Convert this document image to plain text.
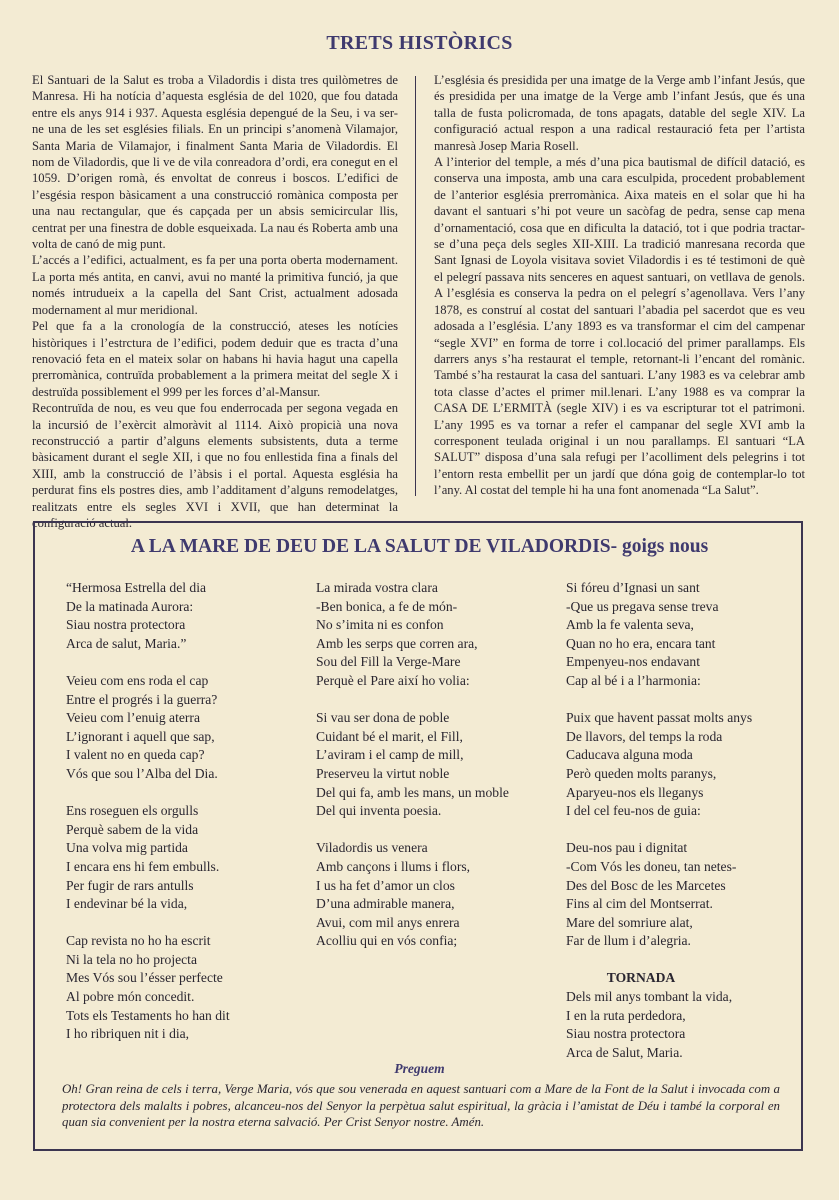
TRETS HISTÒRICS

El Santuari de la Salut es troba a Viladordis i dista tres quilòmetres de Manresa. Hi ha notícia d’aquesta església de del 1020, que fou datada entre els anys 914 i 937. Aquesta església depengué de la Seu, i va ser-ne una de les set esglésies filials. En un principi s’anomenà Vilamajor, Santa Maria de Vilamajor, i finalment Santa Maria de Viladordis. El nom de Viladordis, que li ve de vila conreadora d’ordi, era conegut en el 1059. D’origen romà, és envoltat de conreus i boscos. L’edifici de l’esgésia respon bàsicament a una construcció romànica composta per una nau rectangular, que és capçada per un absis semicircular llis, centrat per una finestra de doble esqueixada. La nau és Roberta amb una volta de canó de mig punt.

L’accés a l’edifici, actualment, es fa per una porta oberta modernament. La porta més antita, en canvi, avui no manté la primitiva funció, ja que només intrudueix a la capella del Sant Crist, actualment adosada modernament al mur meridional.

Pel que fa a la cronología de la construcció, ateses les notícies històriques i l’estrctura de l’edifici, podem deduir que es tracta d’una renovació feta en el mateix solar on habans hi havia hagut una capella prerromànica, contruïda probablement a la primera meitat del segle X i destruïda possiblement el 999 per les forces d’al-Mansur.

Recontruïda de nou, es veu que fou enderrocada per segona vegada en la incursió de l’exèrcit almoràvit al 1114. Això propicià una nova reconstrucció a partir d’alguns elements subsistents, duta a terme bàsicament durant el segle XII, i que no fou enllestida fina a finals del XIII, amb la construcció de l’àbsis i el portal. Aquesta església ha perdurat fins els postres dies, amb l’additament d’alguns remodelatges, realitzats entre els segles XVI i XVII, que han determinat la configuració actual.

L’església és presidida per una imatge de la Verge amb l’infant Jesús, que és presidida per una imatge de la Verge amb l’infant Jesús, que és una talla de fusta policromada, de tons apagats, datable del segle XIV. La configuració actual respon a una radical restauració feta per l’artista manresà Josep Maria Rosell.

A l’interior del temple, a més d’una pica bautismal de difícil datació, es conserva una imposta, amb una cara esculpida, procedent probablement de l’anterior església prerromànica. Aixa mateis en el solar que hi ha davant el santuari s’hi pot veure un sacòfag de pedra, sense cap mena d’ornamentació, cosa que en dificulta la datació, tot i que podria tractar-se d’una peça dels segles XII-XIII. La tradició manresana recorda que Sant Ignasi de Loyola visitava soviet Viladordis i es té testimoni de què el pelegrí passava nits senceres en aquest santuari, on vetllava de genols. A l’església es conserva la pedra on el pelegrí s’agenollava. Vers l’any 1878, es construí al costat del santuari l’abadia pel sacerdot que es veu adosada a l’església. L’any 1893 es va transformar el cim del campenar “segle XVI” en forma de torre i col.locació del primer parallamps. Els darrers anys s’ha restaurat el temple, retornant-li l’encant del romànic. També s’ha restaurat la casa del santuari. L’any 1983 es va celebrar amb tota classe d’actes el primer mil.lenari. L’any 1988 es va comprar la CASA DE L’ERMITÀ (segle XIV) i es va escripturar tot el patrimoni. L’any 1995 es va tornar a refer el campanar del segle XVI amb la corresponent teulada original i un nou parallamps. El santuari “LA SALUT” disposa d’una sala refugi per l’acolliment dels pelegrins i tot l’entorn resta embellit per un jardí que dóna goig de contemplar-lo tot l’any. Al costat del temple hi ha una font anomenada “La Salut”.

A LA MARE DE DEU DE LA SALUT DE VILADORDIS- goigs nous
“Hermosa Estrella del dia
De la matinada Aurora:
Siau nostra protectora
Arca de salut, Maria.”
Veieu com ens roda el cap
Entre el progrés i la guerra?
Veieu com l’enuig aterra
L’ignorant i aquell que sap,
I valent no en queda cap?
Vós que sou l’Alba del Dia.
Ens roseguen els orgulls
Perquè sabem de la vida
Una volva mig partida
I encara ens hi fem embulls.
Per fugir de rars antulls
I endevinar bé la vida,
Cap revista no ho ha escrit
Ni la tela no ho projecta
Mes Vós sou l’ésser perfecte
Al pobre món concedit.
Tots els Testaments ho han dit
I ho ribriquen nit i dia,
La mirada vostra clara
-Ben bonica, a fe de món-
No s’imita ni es confon
Amb les serps que corren ara,
Sou del Fill la Verge-Mare
Perquè el Pare així ho volia:
Si vau ser dona de poble
Cuidant bé el marit, el Fill,
L’aviram i el camp de mill,
Preserveu la virtut noble
Del qui fa, amb les mans, un moble
Del qui inventa poesia.
Viladordis us venera
Amb cançons i llums i flors,
I us ha fet d’amor un clos
D’una admirable manera,
Avui, com mil anys enrera
Acolliu qui en vós confia;
Si fóreu d’Ignasi un sant
-Que us pregava sense treva
Amb la fe valenta seva,
Quan no ho era, encara tant
Empenyeu-nos endavant
Cap al bé i a l’harmonia:
Puix que havent passat molts anys
De llavors, del temps la roda
Caducava alguna moda
Però queden molts paranys,
Aparyeu-nos els lleganys
I del cel feu-nos de guia:
Deu-nos pau i dignitat
-Com Vós les doneu, tan netes-
Des del Bosc de les Marcetes
Fins al cim del Montserrat.
Mare del somriure alat,
Far de llum i d’alegria.
TORNADA
Dels mil anys tombant la vida,
I en la ruta perdedora,
Siau nostra protectora
Arca de Salut, Maria.
Preguem
Oh! Gran reina de cels i terra, Verge Maria, vós que sou venerada en aquest santuari com a Mare de la Font de la Salut i invocada com a protectora dels malalts i pobres, alcanceu-nos del Senyor la perpètua salut espiritual, la gràcia i l’amistat de Déu i també la corporal en quan sia convenient per la nostra eterna salvació. Per Crist Senyor nostre. Amén.
